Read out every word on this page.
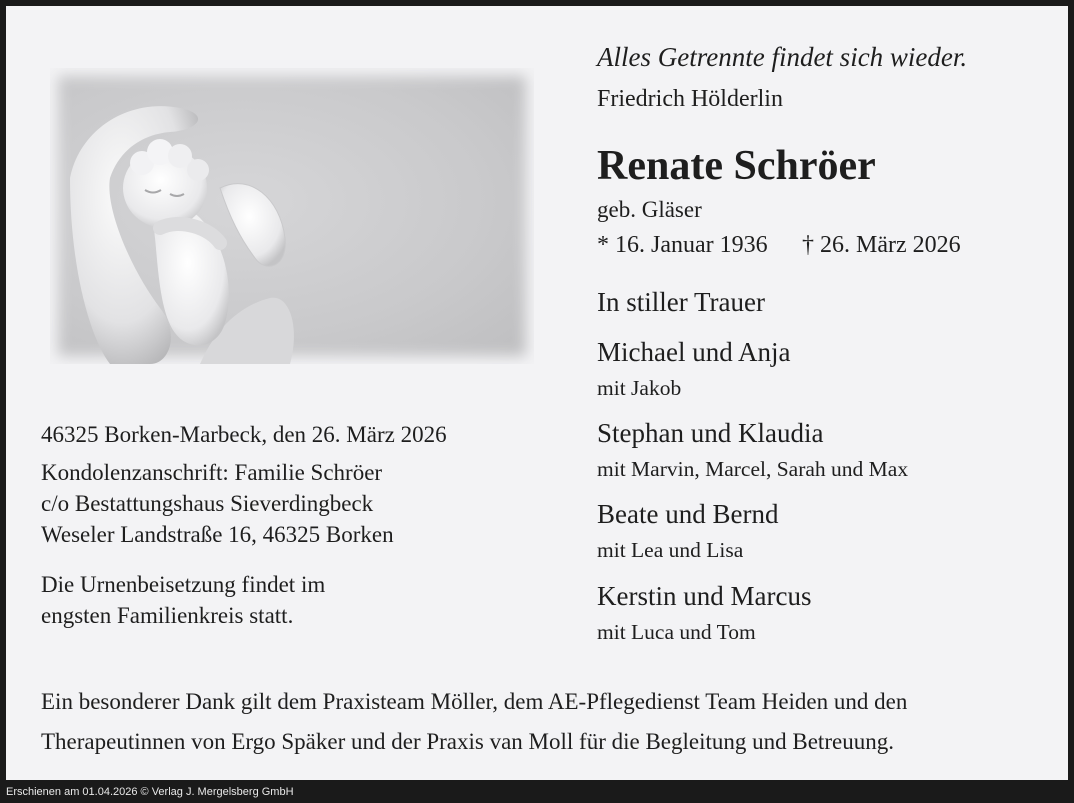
Alles Getrennte findet sich wieder.
Friedrich Hölderlin
Renate Schröer
geb. Gläser
* 16. Januar 1936 † 26. März 2026
In stiller Trauer
Michael und Anja
mit Jakob
Stephan und Klaudia
mit Marvin, Marcel, Sarah und Max
Beate und Bernd
mit Lea und Lisa
Kerstin und Marcus
mit Luca und Tom
46325 Borken-Marbeck, den 26. März 2026
Kondolenzanschrift: Familie Schröer
c/o Bestattungshaus Sieverdingbeck
Weseler Landstraße 16, 46325 Borken
Die Urnenbeisetzung findet im
engsten Familienkreis statt.
Ein besonderer Dank gilt dem Praxisteam Möller, dem AE-Pflegedienst Team Heiden und den
Therapeutinnen von Ergo Späker und der Praxis van Moll für die Begleitung und Betreuung.
Erschienen am 01.04.2026 © Verlag J. Mergelsberg GmbH
